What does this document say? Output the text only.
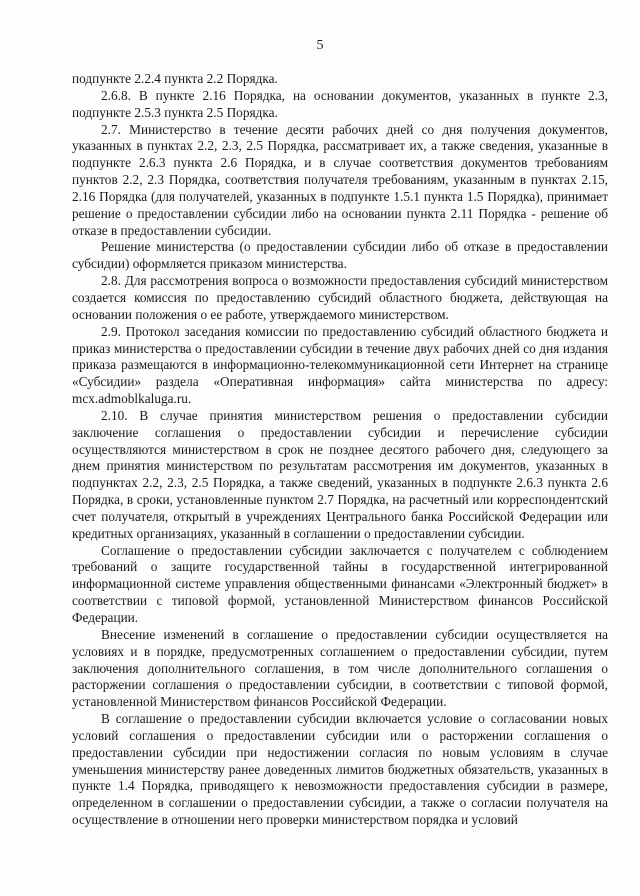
5

подпункте 2.2.4 пункта 2.2 Порядка.

2.6.8. В пункте 2.16 Порядка, на основании документов, указанных в пункте 2.3, подпункте 2.5.3 пункта 2.5 Порядка.

2.7. Министерство в течение десяти рабочих дней со дня получения документов, указанных в пунктах 2.2, 2.3, 2.5 Порядка, рассматривает их, а также сведения, указанные в подпункте 2.6.3 пункта 2.6 Порядка, и в случае соответствия документов требованиям пунктов 2.2, 2.3 Порядка, соответствия получателя требованиям, указанным в пунктах 2.15, 2.16 Порядка (для получателей, указанных в подпункте 1.5.1 пункта 1.5 Порядка), принимает решение о предоставлении субсидии либо на основании пункта 2.11 Порядка - решение об отказе в предоставлении субсидии.

Решение министерства (о предоставлении субсидии либо об отказе в предоставлении субсидии) оформляется приказом министерства.

2.8. Для рассмотрения вопроса о возможности предоставления субсидий министерством создается комиссия по предоставлению субсидий областного бюджета, действующая на основании положения о ее работе, утверждаемого министерством.

2.9. Протокол заседания комиссии по предоставлению субсидий областного бюджета и приказ министерства о предоставлении субсидии в течение двух рабочих дней со дня издания приказа размещаются в информационно-телекоммуникационной сети Интернет на странице «Субсидии» раздела «Оперативная информация» сайта министерства по адресу: mcx.admoblkaluga.ru.

2.10. В случае принятия министерством решения о предоставлении субсидии заключение соглашения о предоставлении субсидии и перечисление субсидии осуществляются министерством в срок не позднее десятого рабочего дня, следующего за днем принятия министерством по результатам рассмотрения им документов, указанных в подпунктах 2.2, 2.3, 2.5 Порядка, а также сведений, указанных в подпункте 2.6.3 пункта 2.6 Порядка, в сроки, установленные пунктом 2.7 Порядка, на расчетный или корреспондентский счет получателя, открытый в учреждениях Центрального банка Российской Федерации или кредитных организациях, указанный в соглашении о предоставлении субсидии.

Соглашение о предоставлении субсидии заключается с получателем с соблюдением требований о защите государственной тайны в государственной интегрированной информационной системе управления общественными финансами «Электронный бюджет» в соответствии с типовой формой, установленной Министерством финансов Российской Федерации.

Внесение изменений в соглашение о предоставлении субсидии осуществляется на условиях и в порядке, предусмотренных соглашением о предоставлении субсидии, путем заключения дополнительного соглашения, в том числе дополнительного соглашения о расторжении соглашения о предоставлении субсидии, в соответствии с типовой формой, установленной Министерством финансов Российской Федерации.

В соглашение о предоставлении субсидии включается условие о согласовании новых условий соглашения о предоставлении субсидии или о расторжении соглашения о предоставлении субсидии при недостижении согласия по новым условиям в случае уменьшения министерству ранее доведенных лимитов бюджетных обязательств, указанных в пункте 1.4 Порядка, приводящего к невозможности предоставления субсидии в размере, определенном в соглашении о предоставлении субсидии, а также о согласии получателя на осуществление в отношении него проверки министерством порядка и условий
